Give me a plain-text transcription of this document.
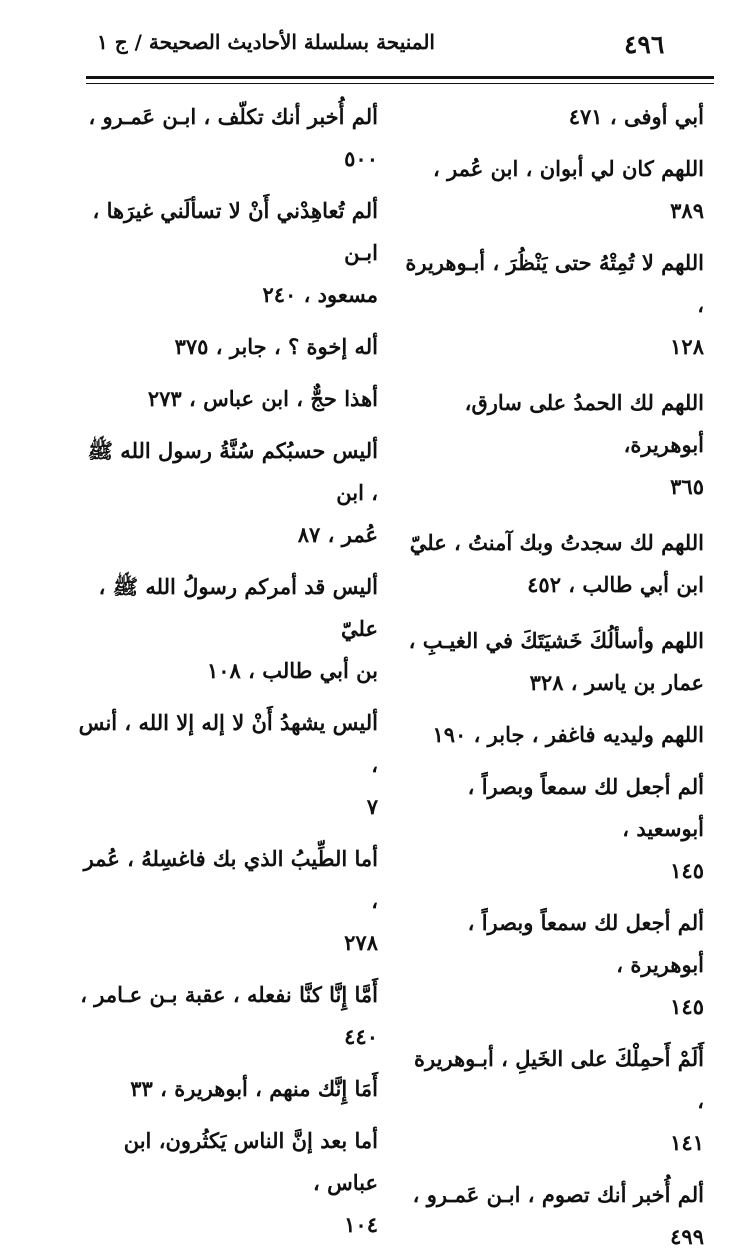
٤٩٦
المنيحة بسلسلة الأحاديث الصحيحة / ج ١
أبي أوفى ، ٤٧١
اللهم كان لي أبوان ، ابن عُمر ، ٣٨٩
اللهم لا تُمِتْهُ حتى يَنْظُرَ ، أبـوهريرة ،
١٢٨
اللهم لك الحمدُ على سارق، أبوهريرة،
٣٦٥
اللهم لك سجدتُ وبك آمنتُ ، عليّ
ابن أبي طالب ، ٤٥٢
اللهم وأسألُكَ خَشيَتَكَ في الغيـبِ ،
عمار بن ياسر ، ٣٢٨
اللهم وليديه فاغفر ، جابر ، ١٩٠
ألم أجعل لك سمعاً وبصراً ، أبوسعيد ،
١٤٥
ألم أجعل لك سمعاً وبصراً ، أبوهريرة ،
١٤٥
أَلَمْ أَحمِلْكَ على الخَيلِ ، أبـوهريرة ،
١٤١
ألم أُخبر أنك تصوم ، ابـن عَمـرو ،
٤٩٩
ألم أُخبر أنك تكلّف ، ابـن عَمـرو ،
٥٠٠
ألم تُعاهِدْني أَنْ لا تسألَني غيرَها ، ابـن
مسعود ، ٢٤٠
أله إخوة ؟ ، جابر ، ٣٧٥
أهذا حجٌّ ، ابن عباس ، ٢٧٣
أليس حسبُكم سُنَّةُ رسول الله ﷺ ، ابن
عُمر ، ٨٧
أليس قد أمركم رسولُ الله ﷺ ، عليّ
بن أبي طالب ، ١٠٨
أليس يشهدُ أَنْ لا إله إلا الله ، أنس ،
٧
أما الطِّيبُ الذي بك فاغسِلهُ ، عُمر ،
٢٧٨
أَمَّا إِنَّا كنَّا نفعله ، عقبة بـن عـامر ،
٤٤٠
أَمَا إِنَّك منهم ، أبوهريرة ، ٣٣
أما بعد إنَّ الناس يَكثُرون، ابن عباس ،
١٠٤
